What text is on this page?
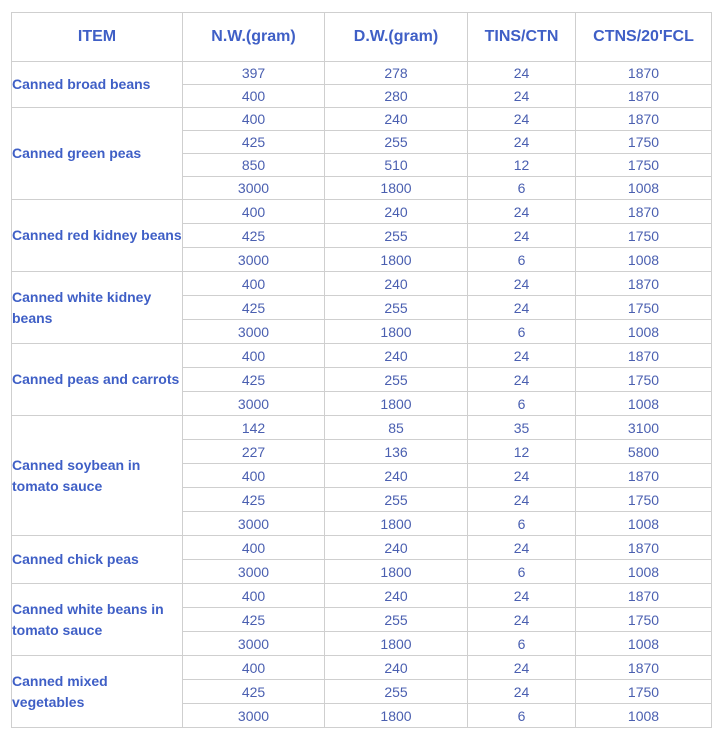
ITEM	N.W.(gram)	D.W.(gram)	TINS/CTN	CTNS/20'FCL
Canned broad beans	397	278	24	1870
	400	280	24	1870
Canned green peas	400	240	24	1870
	425	255	24	1750
	850	510	12	1750
	3000	1800	6	1008
Canned red kidney beans	400	240	24	1870
	425	255	24	1750
	3000	1800	6	1008
Canned white kidney beans	400	240	24	1870
	425	255	24	1750
	3000	1800	6	1008
Canned peas and carrots	400	240	24	1870
	425	255	24	1750
	3000	1800	6	1008
Canned soybean in tomato sauce	142	85	35	3100
	227	136	12	5800
	400	240	24	1870
	425	255	24	1750
	3000	1800	6	1008
Canned chick peas	400	240	24	1870
	3000	1800	6	1008
Canned white beans in tomato sauce	400	240	24	1870
	425	255	24	1750
	3000	1800	6	1008
Canned mixed vegetables	400	240	24	1870
	425	255	24	1750
	3000	1800	6	1008
